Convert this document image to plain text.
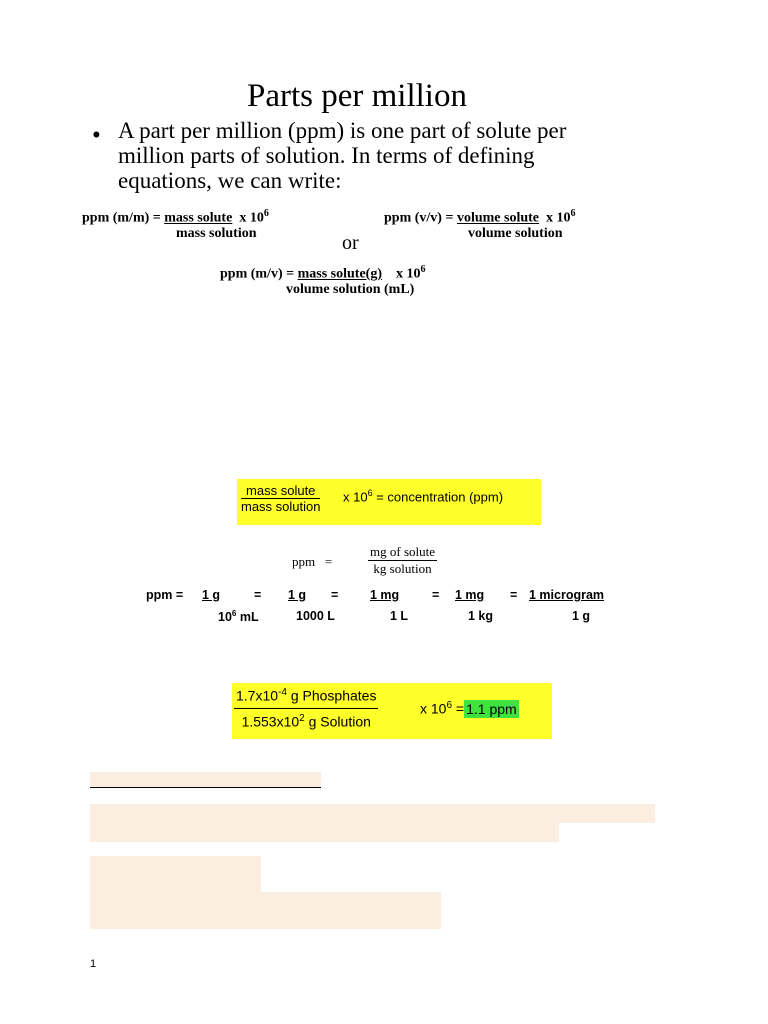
Parts per million
• A part per million (ppm) is one part of solute per million parts of solution. In terms of defining equations, we can write:
ppm (m/m) = mass solute x $10^6$
mass solution
ppm (v/v) = volume solute x $10^6$
volume solution
or
ppm (m/v) = mass solute(g) x $10^6$
volume solution (mL)
mass solute
mass solution
x $10^6$ = concentration (ppm)
ppm =
mg of solute
kg solution
ppm = 1 g
$10^6$ mL
= 1 g
1000 L
=	1 mg
1 L
= 1 mg
1 kg
= 1 microgram
1 g
$1.7x10^{-4}$ g Phosphates
$1.553x10^2$ g Solution
x $10^6 = 1.1$ ppm
1
